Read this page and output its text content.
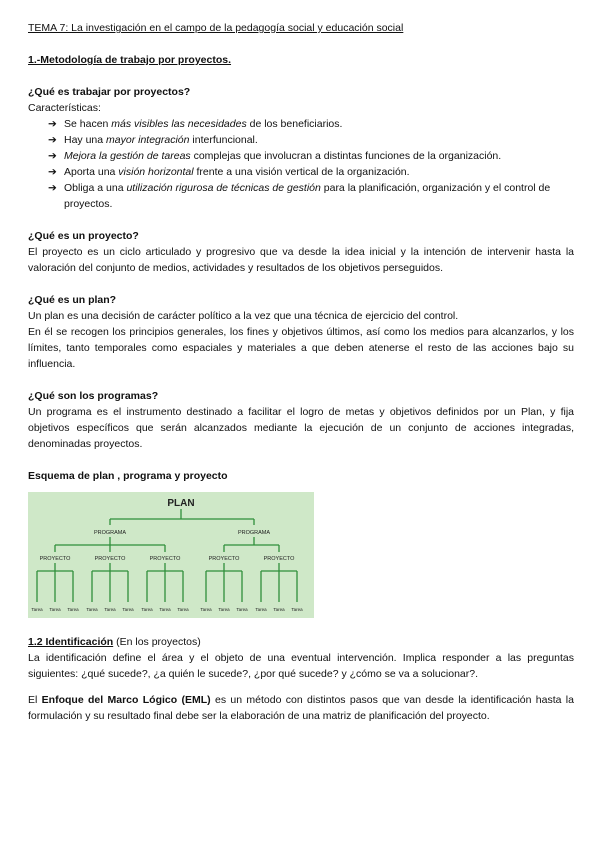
TEMA 7: La investigación en el campo de la pedagogía social y educación social

1.-Metodología de trabajo por proyectos.

¿Qué es trabajar por proyectos?

Características:

➔ Se hacen más visibles las necesidades de los beneficiarios.
➔ Hay una mayor integración interfuncional.
➔ Mejora la gestión de tareas complejas que involucran a distintas funciones de la organización.
➔ Aporta una visión horizontal frente a una visión vertical de la organización.
➔ Obliga a una utilización rigurosa de técnicas de gestión para la planificación, organización y el control de proyectos.

¿Qué es un proyecto?

El proyecto es un ciclo articulado y progresivo que va desde la idea inicial y la intención de intervenir hasta la valoración del conjunto de medios, actividades y resultados de los objetivos perseguidos.

¿Qué es un plan?

Un plan es una decisión de carácter político a la vez que una técnica de ejercicio del control.

En él se recogen los principios generales, los fines y objetivos últimos, así como los medios para alcanzarlos, y los límites, tanto temporales como espaciales y materiales a que deben atenerse el resto de las acciones bajo su influencia.

¿Qué son los programas?

Un programa es el instrumento destinado a facilitar el logro de metas y objetivos definidos por un Plan, y fija objetivos específicos que serán alcanzados mediante la ejecución de un conjunto de acciones integradas, denominadas proyectos.

Esquema de plan , programa y proyecto

PLAN
PROGRAMA	PROGRAMA
PROYECTO
Tarea Tarea Tarea
PROYECTO
Tarea Tarea Tarea
PROYECTO
Tarea Tarea Tarea
PROYECTO
Tarea Tarea Tarea
PROYECTO
Tarea Tarea Tarea

1.2 Identificación (En los proyectos)

La identificación define el área y el objeto de una eventual intervención. Implica responder a las preguntas siguientes: ¿qué sucede?, ¿a quién le sucede?, ¿por qué sucede? y ¿cómo se va a solucionar?.

El Enfoque del Marco Lógico (EML) es un método con distintos pasos que van desde la identificación hasta la formulación y su resultado final debe ser la elaboración de una matriz de planificación del proyecto.
